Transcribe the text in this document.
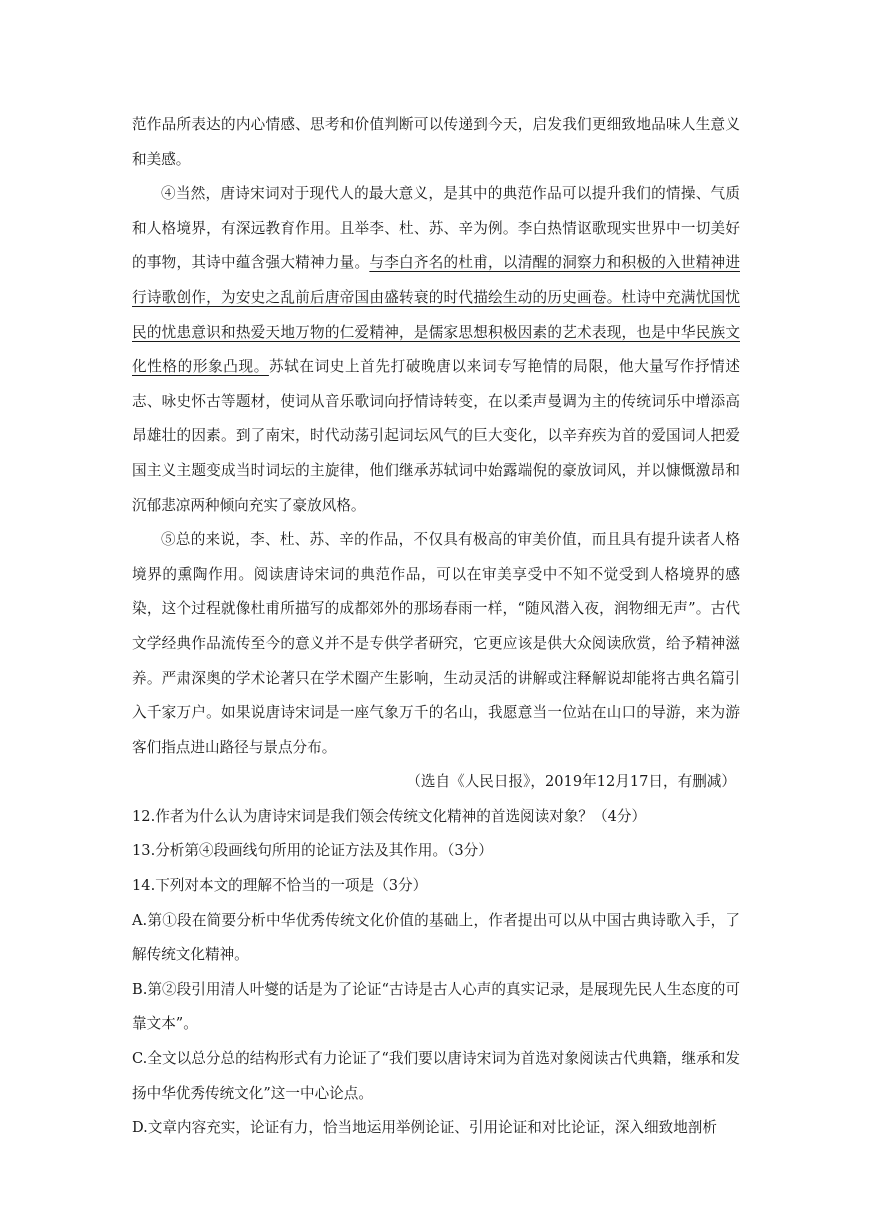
范作品所表达的内心情感、思考和价值判断可以传递到今天，启发我们更细致地品味人生意义和美感。

④当然，唐诗宋词对于现代人的最大意义，是其中的典范作品可以提升我们的情操、气质和人格境界，有深远教育作用。且举李、杜、苏、辛为例。李白热情讴歌现实世界中一切美好的事物，其诗中蕴含强大精神力量。与李白齐名的杜甫，以清醒的洞察力和积极的入世精神进行诗歌创作，为安史之乱前后唐帝国由盛转衰的时代描绘生动的历史画卷。杜诗中充满忧国忧民的忧患意识和热爱天地万物的仁爱精神，是儒家思想积极因素的艺术表现，也是中华民族文化性格的形象凸现。苏轼在词史上首先打破晚唐以来词专写艳情的局限，他大量写作抒情述志、咏史怀古等题材，使词从音乐歌词向抒情诗转变，在以柔声曼调为主的传统词乐中增添高昂雄壮的因素。到了南宋，时代动荡引起词坛风气的巨大变化，以辛弃疾为首的爱国词人把爱国主义主题变成当时词坛的主旋律，他们继承苏轼词中始露端倪的豪放词风，并以慷慨激昂和沉郁悲凉两种倾向充实了豪放风格。

⑤总的来说，李、杜、苏、辛的作品，不仅具有极高的审美价值，而且具有提升读者人格境界的熏陶作用。阅读唐诗宋词的典范作品，可以在审美享受中不知不觉受到人格境界的感染，这个过程就像杜甫所描写的成都郊外的那场春雨一样，“随风潜入夜，润物细无声”。古代文学经典作品流传至今的意义并不是专供学者研究，它更应该是供大众阅读欣赏，给予精神滋养。严肃深奥的学术论著只在学术圈产生影响，生动灵活的讲解或注释解说却能将古典名篇引入千家万户。如果说唐诗宋词是一座气象万千的名山，我愿意当一位站在山口的导游，来为游客们指点进山路径与景点分布。

（选自《人民日报》，2019年12月17日，有删减）

12.作者为什么认为唐诗宋词是我们领会传统文化精神的首选阅读对象？（4分）

13.分析第④段画线句所用的论证方法及其作用。（3分）

14.下列对本文的理解不恰当的一项是（3分）

A.第①段在简要分析中华优秀传统文化价值的基础上，作者提出可以从中国古典诗歌入手，了解传统文化精神。

B.第②段引用清人叶燮的话是为了论证“古诗是古人心声的真实记录，是展现先民人生态度的可靠文本”。

C.全文以总分总的结构形式有力论证了“我们要以唐诗宋词为首选对象阅读古代典籍，继承和发扬中华优秀传统文化”这一中心论点。

D.文章内容充实，论证有力，恰当地运用举例论证、引用论证和对比论证，深入细致地剖析
